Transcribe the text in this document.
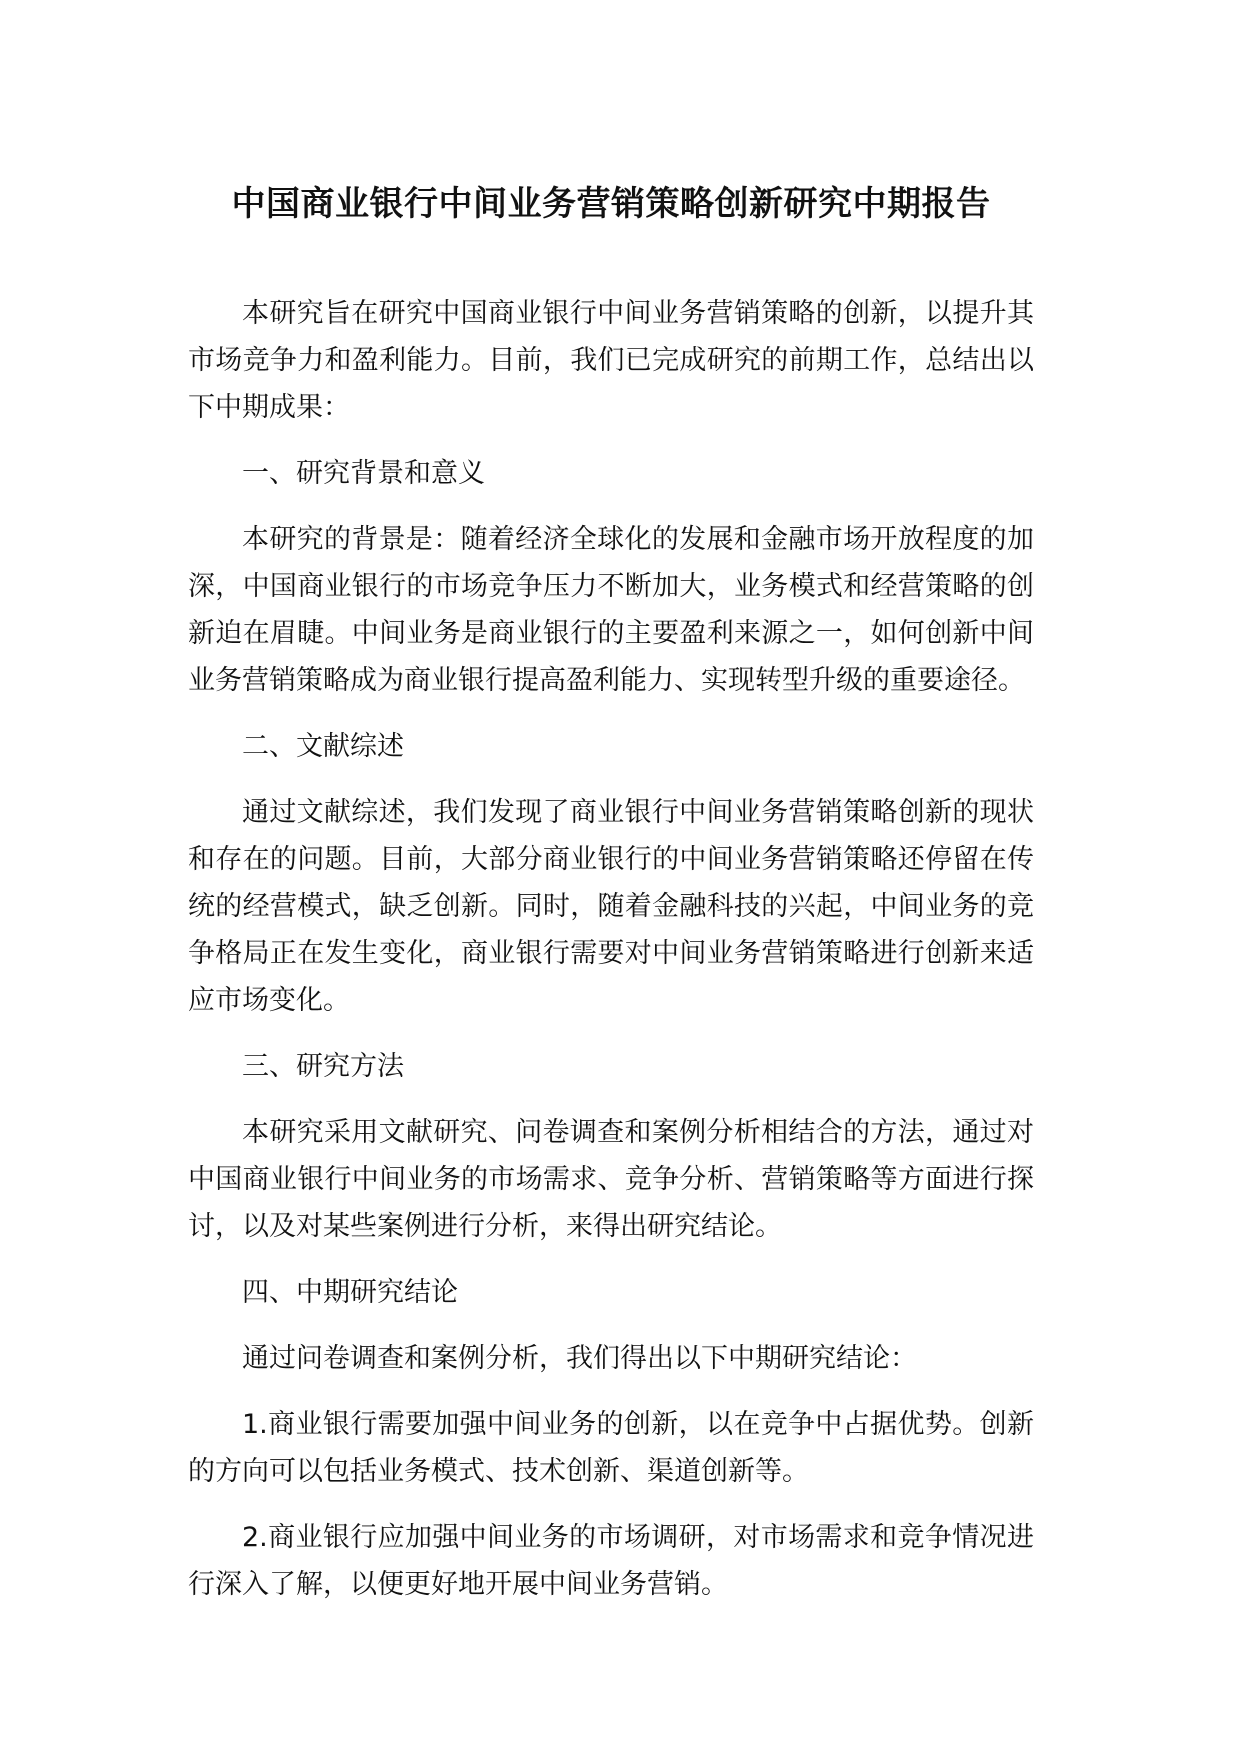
中国商业银行中间业务营销策略创新研究中期报告

本研究旨在研究中国商业银行中间业务营销策略的创新，以提升其市场竞争力和盈利能力。目前，我们已完成研究的前期工作，总结出以下中期成果：

一、研究背景和意义

本研究的背景是：随着经济全球化的发展和金融市场开放程度的加深，中国商业银行的市场竞争压力不断加大，业务模式和经营策略的创新迫在眉睫。中间业务是商业银行的主要盈利来源之一，如何创新中间业务营销策略成为商业银行提高盈利能力、实现转型升级的重要途径。

二、文献综述

通过文献综述，我们发现了商业银行中间业务营销策略创新的现状和存在的问题。目前，大部分商业银行的中间业务营销策略还停留在传统的经营模式，缺乏创新。同时，随着金融科技的兴起，中间业务的竞争格局正在发生变化，商业银行需要对中间业务营销策略进行创新来适应市场变化。

三、研究方法

本研究采用文献研究、问卷调查和案例分析相结合的方法，通过对中国商业银行中间业务的市场需求、竞争分析、营销策略等方面进行探讨，以及对某些案例进行分析，来得出研究结论。

四、中期研究结论

通过问卷调查和案例分析，我们得出以下中期研究结论：

1.商业银行需要加强中间业务的创新，以在竞争中占据优势。创新的方向可以包括业务模式、技术创新、渠道创新等。

2.商业银行应加强中间业务的市场调研，对市场需求和竞争情况进行深入了解，以便更好地开展中间业务营销。
